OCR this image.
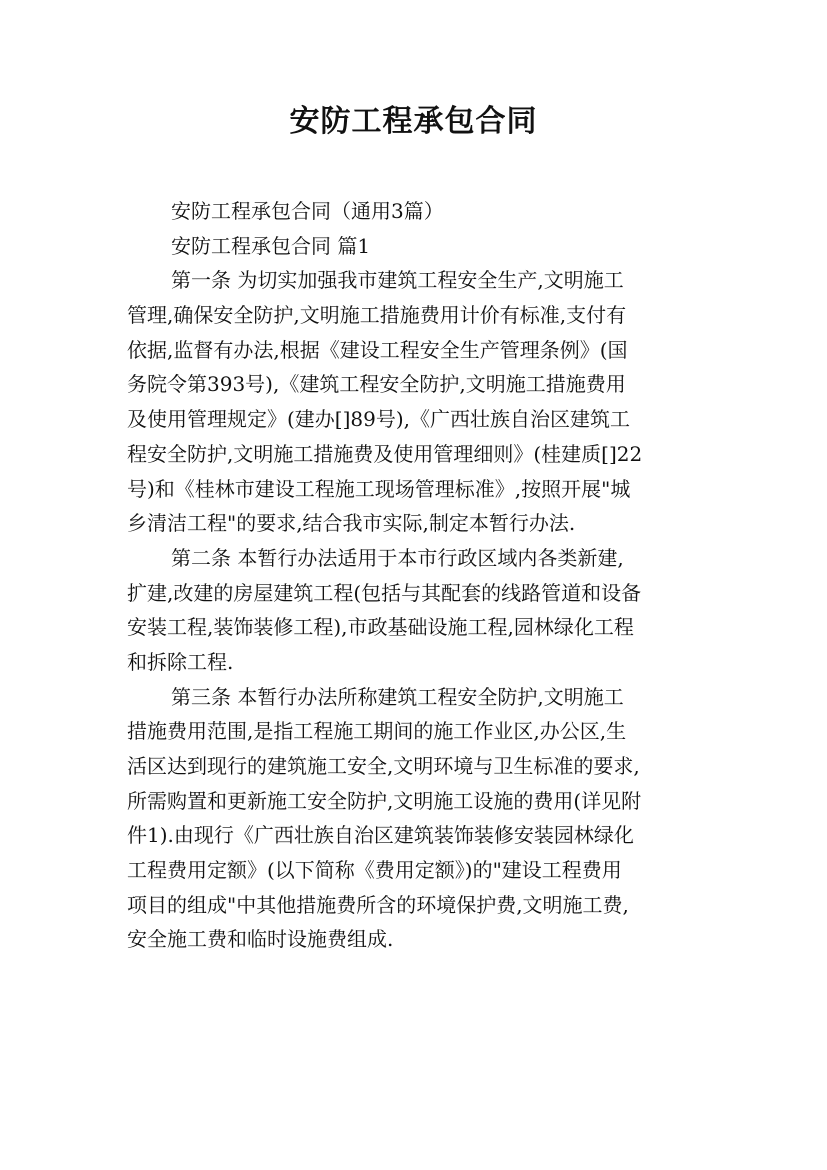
安防工程承包合同
安防工程承包合同（通用3篇）
安防工程承包合同 篇1
第一条 为切实加强我市建筑工程安全生产,文明施工
管理,确保安全防护,文明施工措施费用计价有标准,支付有
依据,监督有办法,根据《建设工程安全生产管理条例》(国
务院令第393号),《建筑工程安全防护,文明施工措施费用
及使用管理规定》(建办[]89号),《广西壮族自治区建筑工
程安全防护,文明施工措施费及使用管理细则》(桂建质[]22
号)和《桂林市建设工程施工现场管理标准》,按照开展"城
乡清洁工程"的要求,结合我市实际,制定本暂行办法.
第二条 本暂行办法适用于本市行政区域内各类新建,
扩建,改建的房屋建筑工程(包括与其配套的线路管道和设备
安装工程,装饰装修工程),市政基础设施工程,园林绿化工程
和拆除工程.
第三条 本暂行办法所称建筑工程安全防护,文明施工
措施费用范围,是指工程施工期间的施工作业区,办公区,生
活区达到现行的建筑施工安全,文明环境与卫生标准的要求,
所需购置和更新施工安全防护,文明施工设施的费用(详见附
件1).由现行《广西壮族自治区建筑装饰装修安装园林绿化
工程费用定额》(以下简称《费用定额》)的"建设工程费用
项目的组成"中其他措施费所含的环境保护费,文明施工费,
安全施工费和临时设施费组成.
